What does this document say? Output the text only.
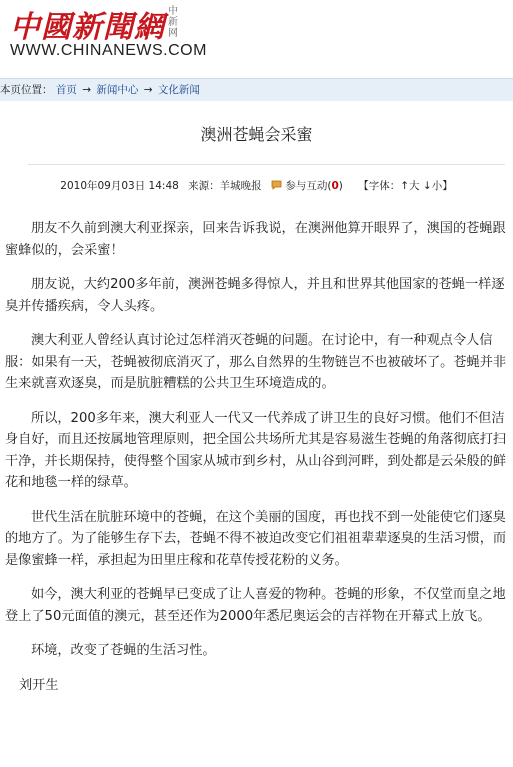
中國新聞網 中新网
WWW.CHINANEWS.COM
本页位置： 首页 → 新闻中心 → 文化新闻
澳洲苍蝇会采蜜
2010年09月03日 14:48 来源：羊城晚报 参与互动(0) 【字体：↑大 ↓小】

朋友不久前到澳大利亚探亲，回来告诉我说，在澳洲他算开眼界了，澳国的苍蝇跟蜜蜂似的，会采蜜！

朋友说，大约200多年前，澳洲苍蝇多得惊人，并且和世界其他国家的苍蝇一样逐臭并传播疾病，令人头疼。

澳大利亚人曾经认真讨论过怎样消灭苍蝇的问题。在讨论中，有一种观点令人信服：如果有一天，苍蝇被彻底消灭了，那么自然界的生物链岂不也被破坏了。苍蝇并非生来就喜欢逐臭，而是肮脏糟糕的公共卫生环境造成的。

所以，200多年来，澳大利亚人一代又一代养成了讲卫生的良好习惯。他们不但洁身自好，而且还按属地管理原则，把全国公共场所尤其是容易滋生苍蝇的角落彻底打扫干净，并长期保持，使得整个国家从城市到乡村，从山谷到河畔，到处都是云朵般的鲜花和地毯一样的绿草。

世代生活在肮脏环境中的苍蝇，在这个美丽的国度，再也找不到一处能使它们逐臭的地方了。为了能够生存下去，苍蝇不得不被迫改变它们祖祖辈辈逐臭的生活习惯，而是像蜜蜂一样，承担起为田里庄稼和花草传授花粉的义务。

如今，澳大利亚的苍蝇早已变成了让人喜爱的物种。苍蝇的形象，不仅堂而皇之地登上了50元面值的澳元，甚至还作为2000年悉尼奥运会的吉祥物在开幕式上放飞。

环境，改变了苍蝇的生活习性。

刘开生
